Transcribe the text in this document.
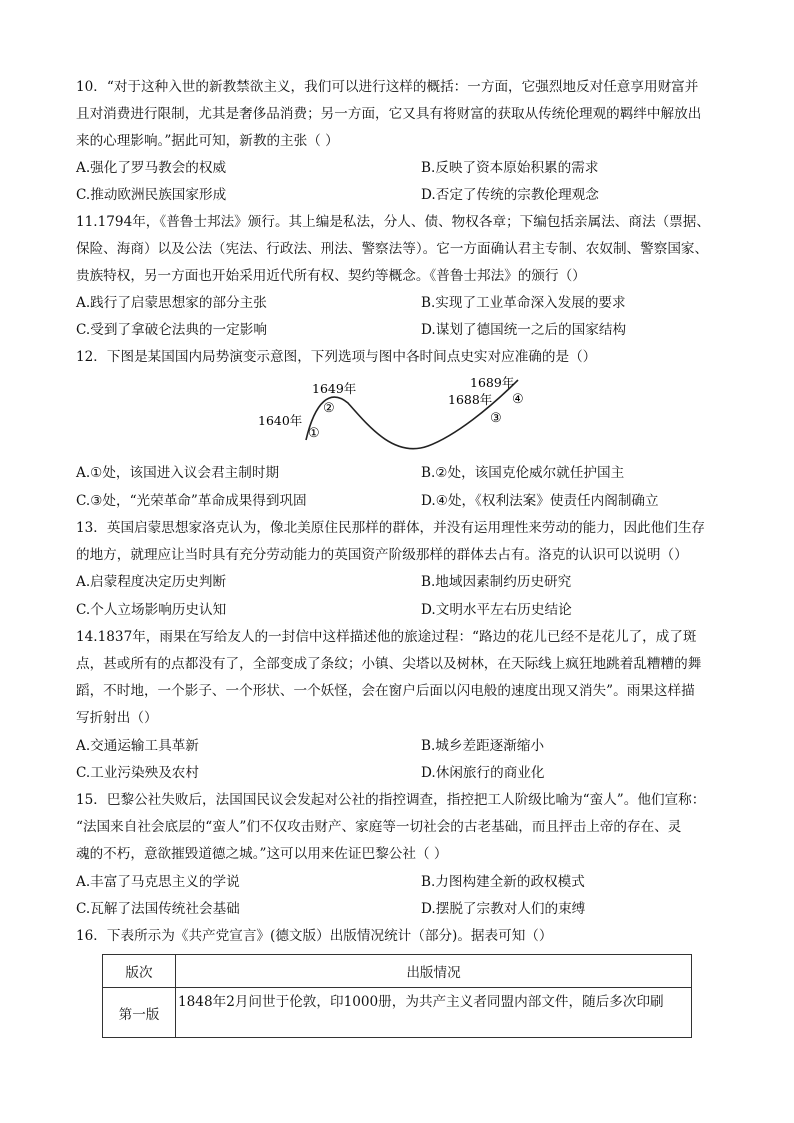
10．“对于这种入世的新教禁欲主义，我们可以进行这样的概括：一方面，它强烈地反对任意享用财富并
且对消费进行限制，尤其是奢侈品消费；另一方面，它又具有将财富的获取从传统伦理观的羁绊中解放出
来的心理影响。”据此可知，新教的主张（ ）
A.强化了罗马教会的权威	B.反映了资本原始积累的需求
C.推动欧洲民族国家形成	D.否定了传统的宗教伦理观念
11.1794年，《普鲁士邦法》颁行。其上编是私法，分人、债、物权各章；下编包括亲属法、商法（票据、
保险、海商）以及公法（宪法、行政法、刑法、警察法等）。它一方面确认君主专制、农奴制、警察国家、
贵族特权，另一方面也开始采用近代所有权、契约等概念。《普鲁士邦法》的颁行（）
A.践行了启蒙思想家的部分主张	B.实现了工业革命深入发展的要求
C.受到了拿破仑法典的一定影响	D.谋划了德国统一之后的国家结构
12．下图是某国国内局势演变示意图，下列选项与图中各时间点史实对应准确的是（）
1640年
1649年
1688年
1689年
①
②
③
④
A.①处，该国进入议会君主制时期	B.②处，该国克伦威尔就任护国主
C.③处，“光荣革命”革命成果得到巩固	D.④处，《权利法案》使责任内阁制确立
13．英国启蒙思想家洛克认为，像北美原住民那样的群体，并没有运用理性来劳动的能力，因此他们生存
的地方，就理应让当时具有充分劳动能力的英国资产阶级那样的群体去占有。洛克的认识可以说明（）
A.启蒙程度决定历史判断	B.地域因素制约历史研究
C.个人立场影响历史认知	D.文明水平左右历史结论
14.1837年，雨果在写给友人的一封信中这样描述他的旅途过程：“路边的花儿已经不是花儿了，成了斑
点，甚或所有的点都没有了，全部变成了条纹；小镇、尖塔以及树林，在天际线上疯狂地跳着乱糟糟的舞
蹈，不时地，一个影子、一个形状、一个妖怪，会在窗户后面以闪电般的速度出现又消失”。雨果这样描
写折射出（）
A.交通运输工具革新	B.城乡差距逐渐缩小
C.工业污染殃及农村	D.休闲旅行的商业化
15．巴黎公社失败后，法国国民议会发起对公社的指控调查，指控把工人阶级比喻为“蛮人”。他们宣称：
“法国来自社会底层的“蛮人”们不仅攻击财产、家庭等一切社会的古老基础，而且抨击上帝的存在、灵
魂的不朽，意欲摧毁道德之城。”这可以用来佐证巴黎公社（ ）
A.丰富了马克思主义的学说	B.力图构建全新的政权模式
C.瓦解了法国传统社会基础	D.摆脱了宗教对人们的束缚
16．下表所示为《共产党宣言》(德文版）出版情况统计（部分)。据表可知（）
版次	出版情况
第一版	1848年2月问世于伦敦，印1000册，为共产主义者同盟内部文件，随后多次印刷
